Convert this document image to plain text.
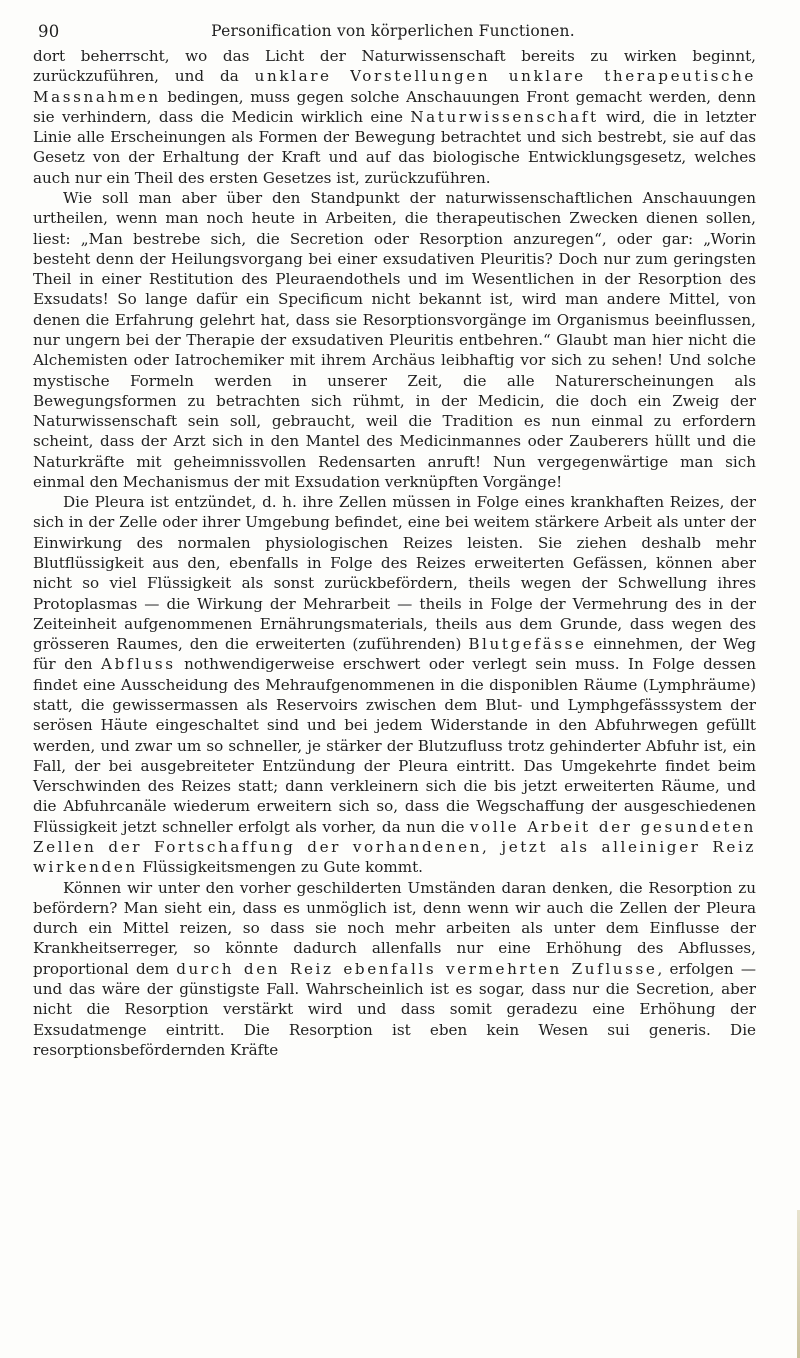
90	Personification von körperlichen Functionen.

dort beherrscht, wo das Licht der Naturwissenschaft bereits zu wirken beginnt, zurückzuführen, und da unklare Vorstellungen unklare therapeutische Massnahmen bedingen, muss gegen solche Anschauungen Front gemacht werden, denn sie verhindern, dass die Medicin wirklich eine Naturwissenschaft wird, die in letzter Linie alle Erscheinungen als Formen der Bewegung betrachtet und sich bestrebt, sie auf das Gesetz von der Erhaltung der Kraft und auf das biologische Entwicklungsgesetz, welches auch nur ein Theil des ersten Gesetzes ist, zurückzuführen.

Wie soll man aber über den Standpunkt der naturwissenschaftlichen Anschauungen urtheilen, wenn man noch heute in Arbeiten, die therapeutischen Zwecken dienen sollen, liest: „Man bestrebe sich, die Secretion oder Resorption anzuregen“, oder gar: „Worin besteht denn der Heilungsvorgang bei einer exsudativen Pleuritis? Doch nur zum geringsten Theil in einer Restitution des Pleuraendothels und im Wesentlichen in der Resorption des Exsudats! So lange dafür ein Specificum nicht bekannt ist, wird man andere Mittel, von denen die Erfahrung gelehrt hat, dass sie Resorptionsvorgänge im Organismus beeinflussen, nur ungern bei der Therapie der exsudativen Pleuritis entbehren.“ Glaubt man hier nicht die Alchemisten oder Iatrochemiker mit ihrem Archäus leibhaftig vor sich zu sehen! Und solche mystische Formeln werden in unserer Zeit, die alle Naturerscheinungen als Bewegungsformen zu betrachten sich rühmt, in der Medicin, die doch ein Zweig der Naturwissenschaft sein soll, gebraucht, weil die Tradition es nun einmal zu erfordern scheint, dass der Arzt sich in den Mantel des Medicinmannes oder Zauberers hüllt und die Naturkräfte mit geheimnissvollen Redensarten anruft! Nun vergegenwärtige man sich einmal den Mechanismus der mit Exsudation verknüpften Vorgänge!

Die Pleura ist entzündet, d. h. ihre Zellen müssen in Folge eines krankhaften Reizes, der sich in der Zelle oder ihrer Umgebung befindet, eine bei weitem stärkere Arbeit als unter der Einwirkung des normalen physiologischen Reizes leisten. Sie ziehen deshalb mehr Blutflüssigkeit aus den, ebenfalls in Folge des Reizes erweiterten Gefässen, können aber nicht so viel Flüssigkeit als sonst zurückbefördern, theils wegen der Schwellung ihres Protoplasmas — die Wirkung der Mehrarbeit — theils in Folge der Vermehrung des in der Zeiteinheit aufgenommenen Ernährungsmaterials, theils aus dem Grunde, dass wegen des grösseren Raumes, den die erweiterten (zuführenden) Blutgefässe einnehmen, der Weg für den Abfluss nothwendigerweise erschwert oder verlegt sein muss. In Folge dessen findet eine Ausscheidung des Mehraufgenommenen in die disponiblen Räume (Lymphräume) statt, die gewissermassen als Reservoirs zwischen dem Blut- und Lymphgefässsystem der serösen Häute eingeschaltet sind und bei jedem Widerstande in den Abfuhrwegen gefüllt werden, und zwar um so schneller, je stärker der Blutzufluss trotz gehinderter Abfuhr ist, ein Fall, der bei ausgebreiteter Entzündung der Pleura eintritt. Das Umgekehrte findet beim Verschwinden des Reizes statt; dann verkleinern sich die bis jetzt erweiterten Räume, und die Abfuhrcanäle wiederum erweitern sich so, dass die Wegschaffung der ausgeschiedenen Flüssigkeit jetzt schneller erfolgt als vorher, da nun die volle Arbeit der gesundeten Zellen der Fortschaffung der vorhandenen, jetzt als alleiniger Reiz wirkenden Flüssigkeitsmengen zu Gute kommt.

Können wir unter den vorher geschilderten Umständen daran denken, die Resorption zu befördern? Man sieht ein, dass es unmöglich ist, denn wenn wir auch die Zellen der Pleura durch ein Mittel reizen, so dass sie noch mehr arbeiten als unter dem Einflusse der Krankheitserreger, so könnte dadurch allenfalls nur eine Erhöhung des Abflusses, proportional dem durch den Reiz ebenfalls vermehrten Zuflusse, erfolgen — und das wäre der günstigste Fall. Wahrscheinlich ist es sogar, dass nur die Secretion, aber nicht die Resorption verstärkt wird und dass somit geradezu eine Erhöhung der Exsudatmenge eintritt. Die Resorption ist eben kein Wesen sui generis. Die resorptionsbefördernden Kräfte
